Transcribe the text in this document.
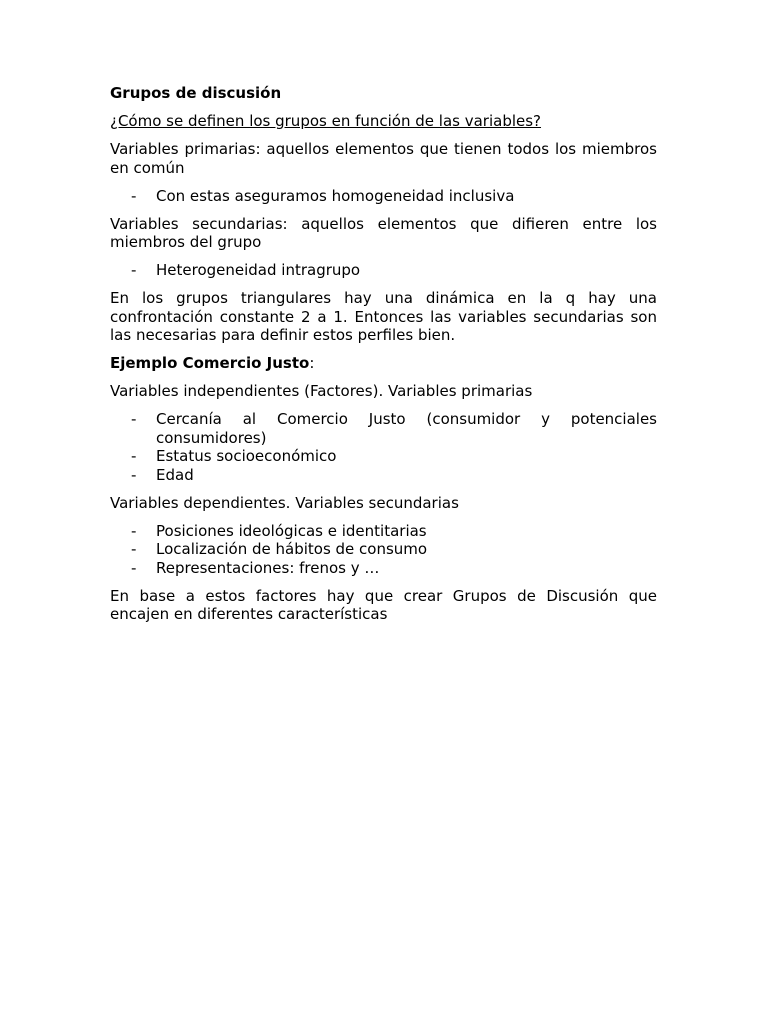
Grupos de discusión

¿Cómo se definen los grupos en función de las variables?

Variables primarias: aquellos elementos que tienen todos los miembros en común

- Con estas aseguramos homogeneidad inclusiva

Variables secundarias: aquellos elementos que difieren entre los miembros del grupo

- Heterogeneidad intragrupo

En los grupos triangulares hay una dinámica en la q hay una confrontación constante 2 a 1. Entonces las variables secundarias son las necesarias para definir estos perfiles bien.

Ejemplo Comercio Justo:

Variables independientes (Factores). Variables primarias

- Cercanía al Comercio Justo (consumidor y potenciales consumidores)
- Estatus socioeconómico
- Edad

Variables dependientes. Variables secundarias

- Posiciones ideológicas e identitarias
- Localización de hábitos de consumo
- Representaciones: frenos y …

En base a estos factores hay que crear Grupos de Discusión que encajen en diferentes características
